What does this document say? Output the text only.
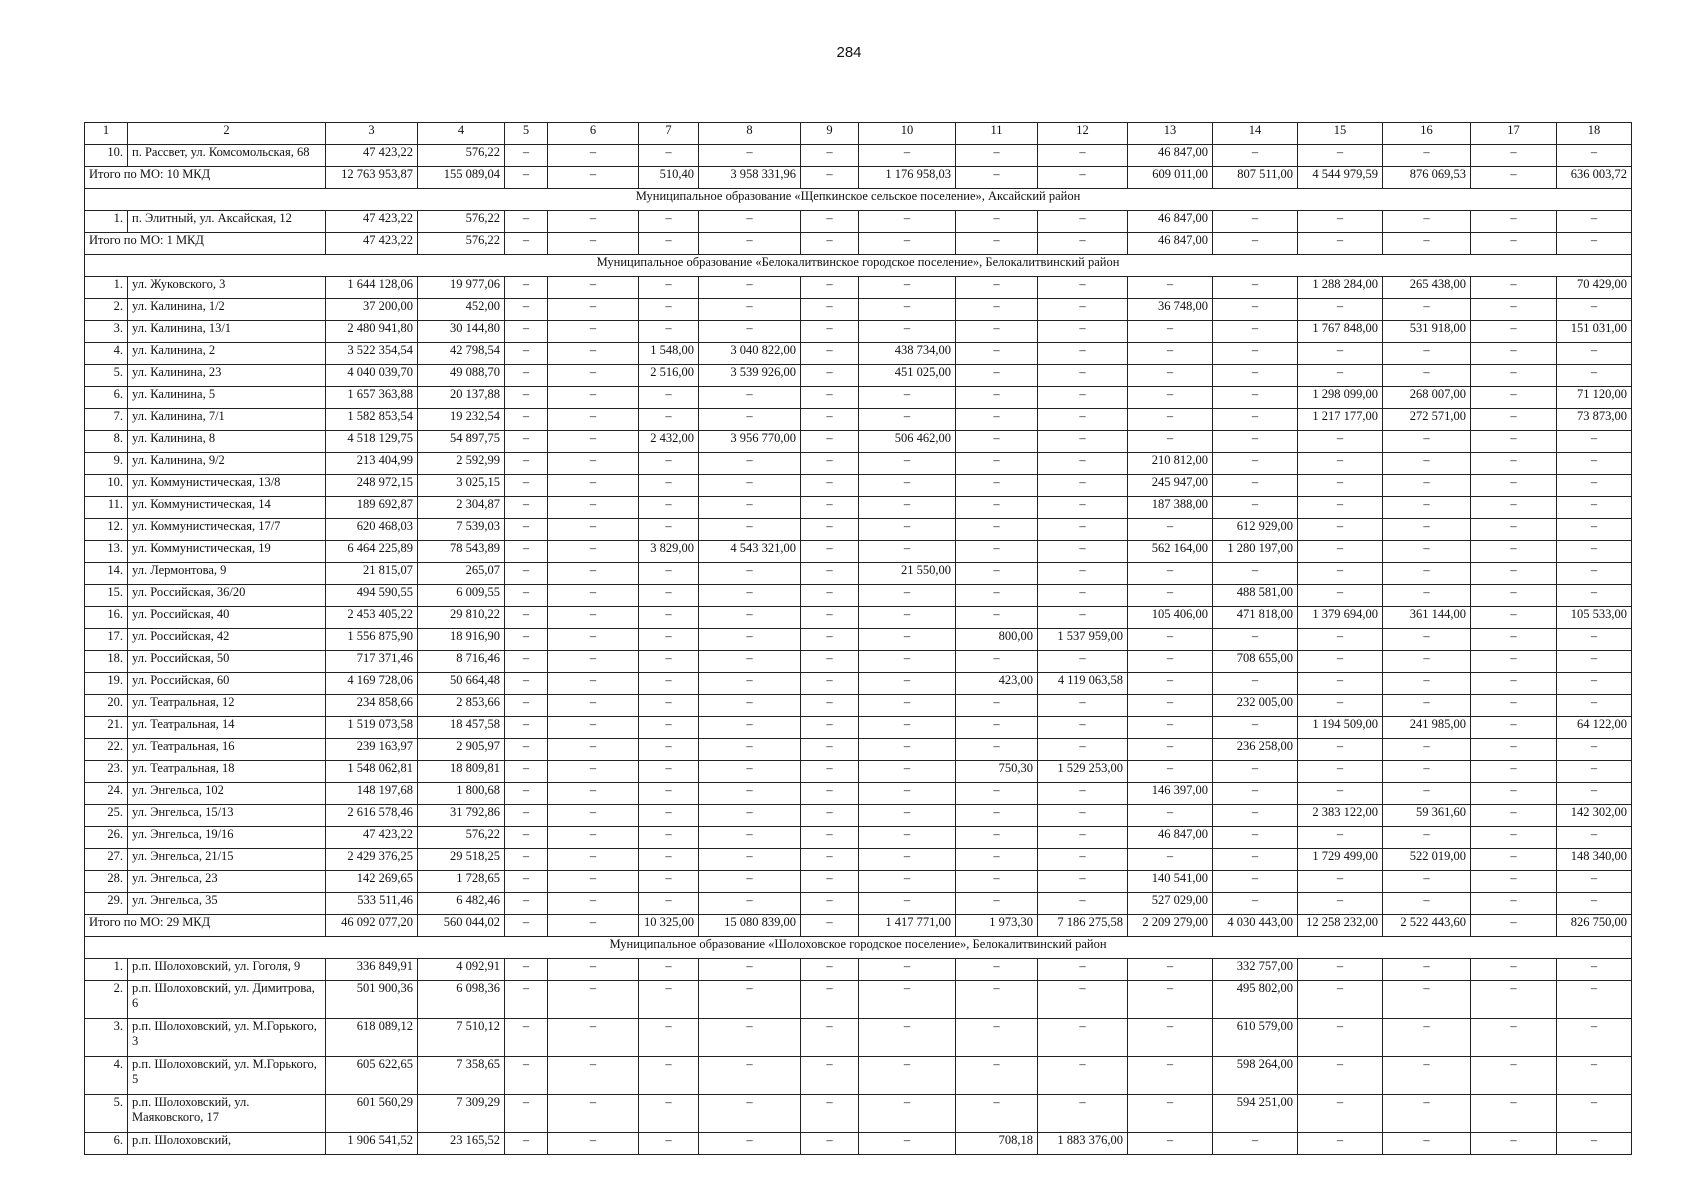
284
1	2	3	4	5	6	7	8	9	10	11	12	13	14	15	16	17	18
10.	п. Рассвет, ул. Комсомольская, 68	47 423,22	576,22	–	–	–	–	–	–	–	–	46 847,00	–	–	–	–	–
Итого по МО: 10 МКД		12 763 953,87	155 089,04	–	–	510,40	3 958 331,96	–	1 176 958,03	–	–	609 011,00	807 511,00	4 544 979,59	876 069,53	–	636 003,72
Муниципальное образование «Щепкинское сельское поселение», Аксайский район																	
1.	п. Элитный, ул. Аксайская, 12	47 423,22	576,22	–	–	–	–	–	–	–	–	46 847,00	–	–	–	–	–
Итого по МО: 1 МКД		47 423,22	576,22	–	–	–	–	–	–	–	–	46 847,00	–	–	–	–	–
Муниципальное образование «Белокалитвинское городское поселение», Белокалитвинский район																	
1.	ул. Жуковского, 3	1 644 128,06	19 977,06	–	–	–	–	–	–	–	–	–	–	1 288 284,00	265 438,00	–	70 429,00
2.	ул. Калинина, 1/2	37 200,00	452,00	–	–	–	–	–	–	–	–	36 748,00	–	–	–	–	–
3.	ул. Калинина, 13/1	2 480 941,80	30 144,80	–	–	–	–	–	–	–	–	–	–	1 767 848,00	531 918,00	–	151 031,00
4.	ул. Калинина, 2	3 522 354,54	42 798,54	–	–	1 548,00	3 040 822,00	–	438 734,00	–	–	–	–	–	–	–	–
5.	ул. Калинина, 23	4 040 039,70	49 088,70	–	–	2 516,00	3 539 926,00	–	451 025,00	–	–	–	–	–	–	–	–
6.	ул. Калинина, 5	1 657 363,88	20 137,88	–	–	–	–	–	–	–	–	–	–	1 298 099,00	268 007,00	–	71 120,00
7.	ул. Калинина, 7/1	1 582 853,54	19 232,54	–	–	–	–	–	–	–	–	–	–	1 217 177,00	272 571,00	–	73 873,00
8.	ул. Калинина, 8	4 518 129,75	54 897,75	–	–	2 432,00	3 956 770,00	–	506 462,00	–	–	–	–	–	–	–	–
9.	ул. Калинина, 9/2	213 404,99	2 592,99	–	–	–	–	–	–	–	–	210 812,00	–	–	–	–	–
10.	ул. Коммунистическая, 13/8	248 972,15	3 025,15	–	–	–	–	–	–	–	–	245 947,00	–	–	–	–	–
11.	ул. Коммунистическая, 14	189 692,87	2 304,87	–	–	–	–	–	–	–	–	187 388,00	–	–	–	–	–
12.	ул. Коммунистическая, 17/7	620 468,03	7 539,03	–	–	–	–	–	–	–	–	–	612 929,00	–	–	–	–
13.	ул. Коммунистическая, 19	6 464 225,89	78 543,89	–	–	3 829,00	4 543 321,00	–	–	–	–	562 164,00	1 280 197,00	–	–	–	–
14.	ул. Лермонтова, 9	21 815,07	265,07	–	–	–	–	–	21 550,00	–	–	–	–	–	–	–	–
15.	ул. Российская, 36/20	494 590,55	6 009,55	–	–	–	–	–	–	–	–	–	488 581,00	–	–	–	–
16.	ул. Российская, 40	2 453 405,22	29 810,22	–	–	–	–	–	–	–	–	105 406,00	471 818,00	1 379 694,00	361 144,00	–	105 533,00
17.	ул. Российская, 42	1 556 875,90	18 916,90	–	–	–	–	–	–	800,00	1 537 959,00	–	–	–	–	–	–
18.	ул. Российская, 50	717 371,46	8 716,46	–	–	–	–	–	–	–	–	–	708 655,00	–	–	–	–
19.	ул. Российская, 60	4 169 728,06	50 664,48	–	–	–	–	–	–	423,00	4 119 063,58	–	–	–	–	–	–
20.	ул. Театральная, 12	234 858,66	2 853,66	–	–	–	–	–	–	–	–	–	232 005,00	–	–	–	–
21.	ул. Театральная, 14	1 519 073,58	18 457,58	–	–	–	–	–	–	–	–	–	–	1 194 509,00	241 985,00	–	64 122,00
22.	ул. Театральная, 16	239 163,97	2 905,97	–	–	–	–	–	–	–	–	–	236 258,00	–	–	–	–
23.	ул. Театральная, 18	1 548 062,81	18 809,81	–	–	–	–	–	–	750,30	1 529 253,00	–	–	–	–	–	–
24.	ул. Энгельса, 102	148 197,68	1 800,68	–	–	–	–	–	–	–	–	146 397,00	–	–	–	–	–
25.	ул. Энгельса, 15/13	2 616 578,46	31 792,86	–	–	–	–	–	–	–	–	–	–	2 383 122,00	59 361,60	–	142 302,00
26.	ул. Энгельса, 19/16	47 423,22	576,22	–	–	–	–	–	–	–	–	46 847,00	–	–	–	–	–
27.	ул. Энгельса, 21/15	2 429 376,25	29 518,25	–	–	–	–	–	–	–	–	–	–	1 729 499,00	522 019,00	–	148 340,00
28.	ул. Энгельса, 23	142 269,65	1 728,65	–	–	–	–	–	–	–	–	140 541,00	–	–	–	–	–
29.	ул. Энгельса, 35	533 511,46	6 482,46	–	–	–	–	–	–	–	–	527 029,00	–	–	–	–	–
Итого по МО: 29 МКД		46 092 077,20	560 044,02	–	–	10 325,00	15 080 839,00	–	1 417 771,00	1 973,30	7 186 275,58	2 209 279,00	4 030 443,00	12 258 232,00	2 522 443,60	–	826 750,00
Муниципальное образование «Шолоховское городское поселение», Белокалитвинский район																	
1.	р.п. Шолоховский, ул. Гоголя, 9	336 849,91	4 092,91	–	–	–	–	–	–	–	–	–	332 757,00	–	–	–	–
2.	р.п. Шолоховский, ул. Димитрова, 6	501 900,36	6 098,36	–	–	–	–	–	–	–	–	–	495 802,00	–	–	–	–
3.	р.п. Шолоховский, ул. М.Горького, 3	618 089,12	7 510,12	–	–	–	–	–	–	–	–	–	610 579,00	–	–	–	–
4.	р.п. Шолоховский, ул. М.Горького, 5	605 622,65	7 358,65	–	–	–	–	–	–	–	–	–	598 264,00	–	–	–	–
5.	р.п. Шолоховский, ул. Маяковского, 17	601 560,29	7 309,29	–	–	–	–	–	–	–	–	–	594 251,00	–	–	–	–
6.	р.п. Шолоховский,	1 906 541,52	23 165,52	–	–	–	–	–	–	708,18	1 883 376,00	–	–	–	–	–	–
